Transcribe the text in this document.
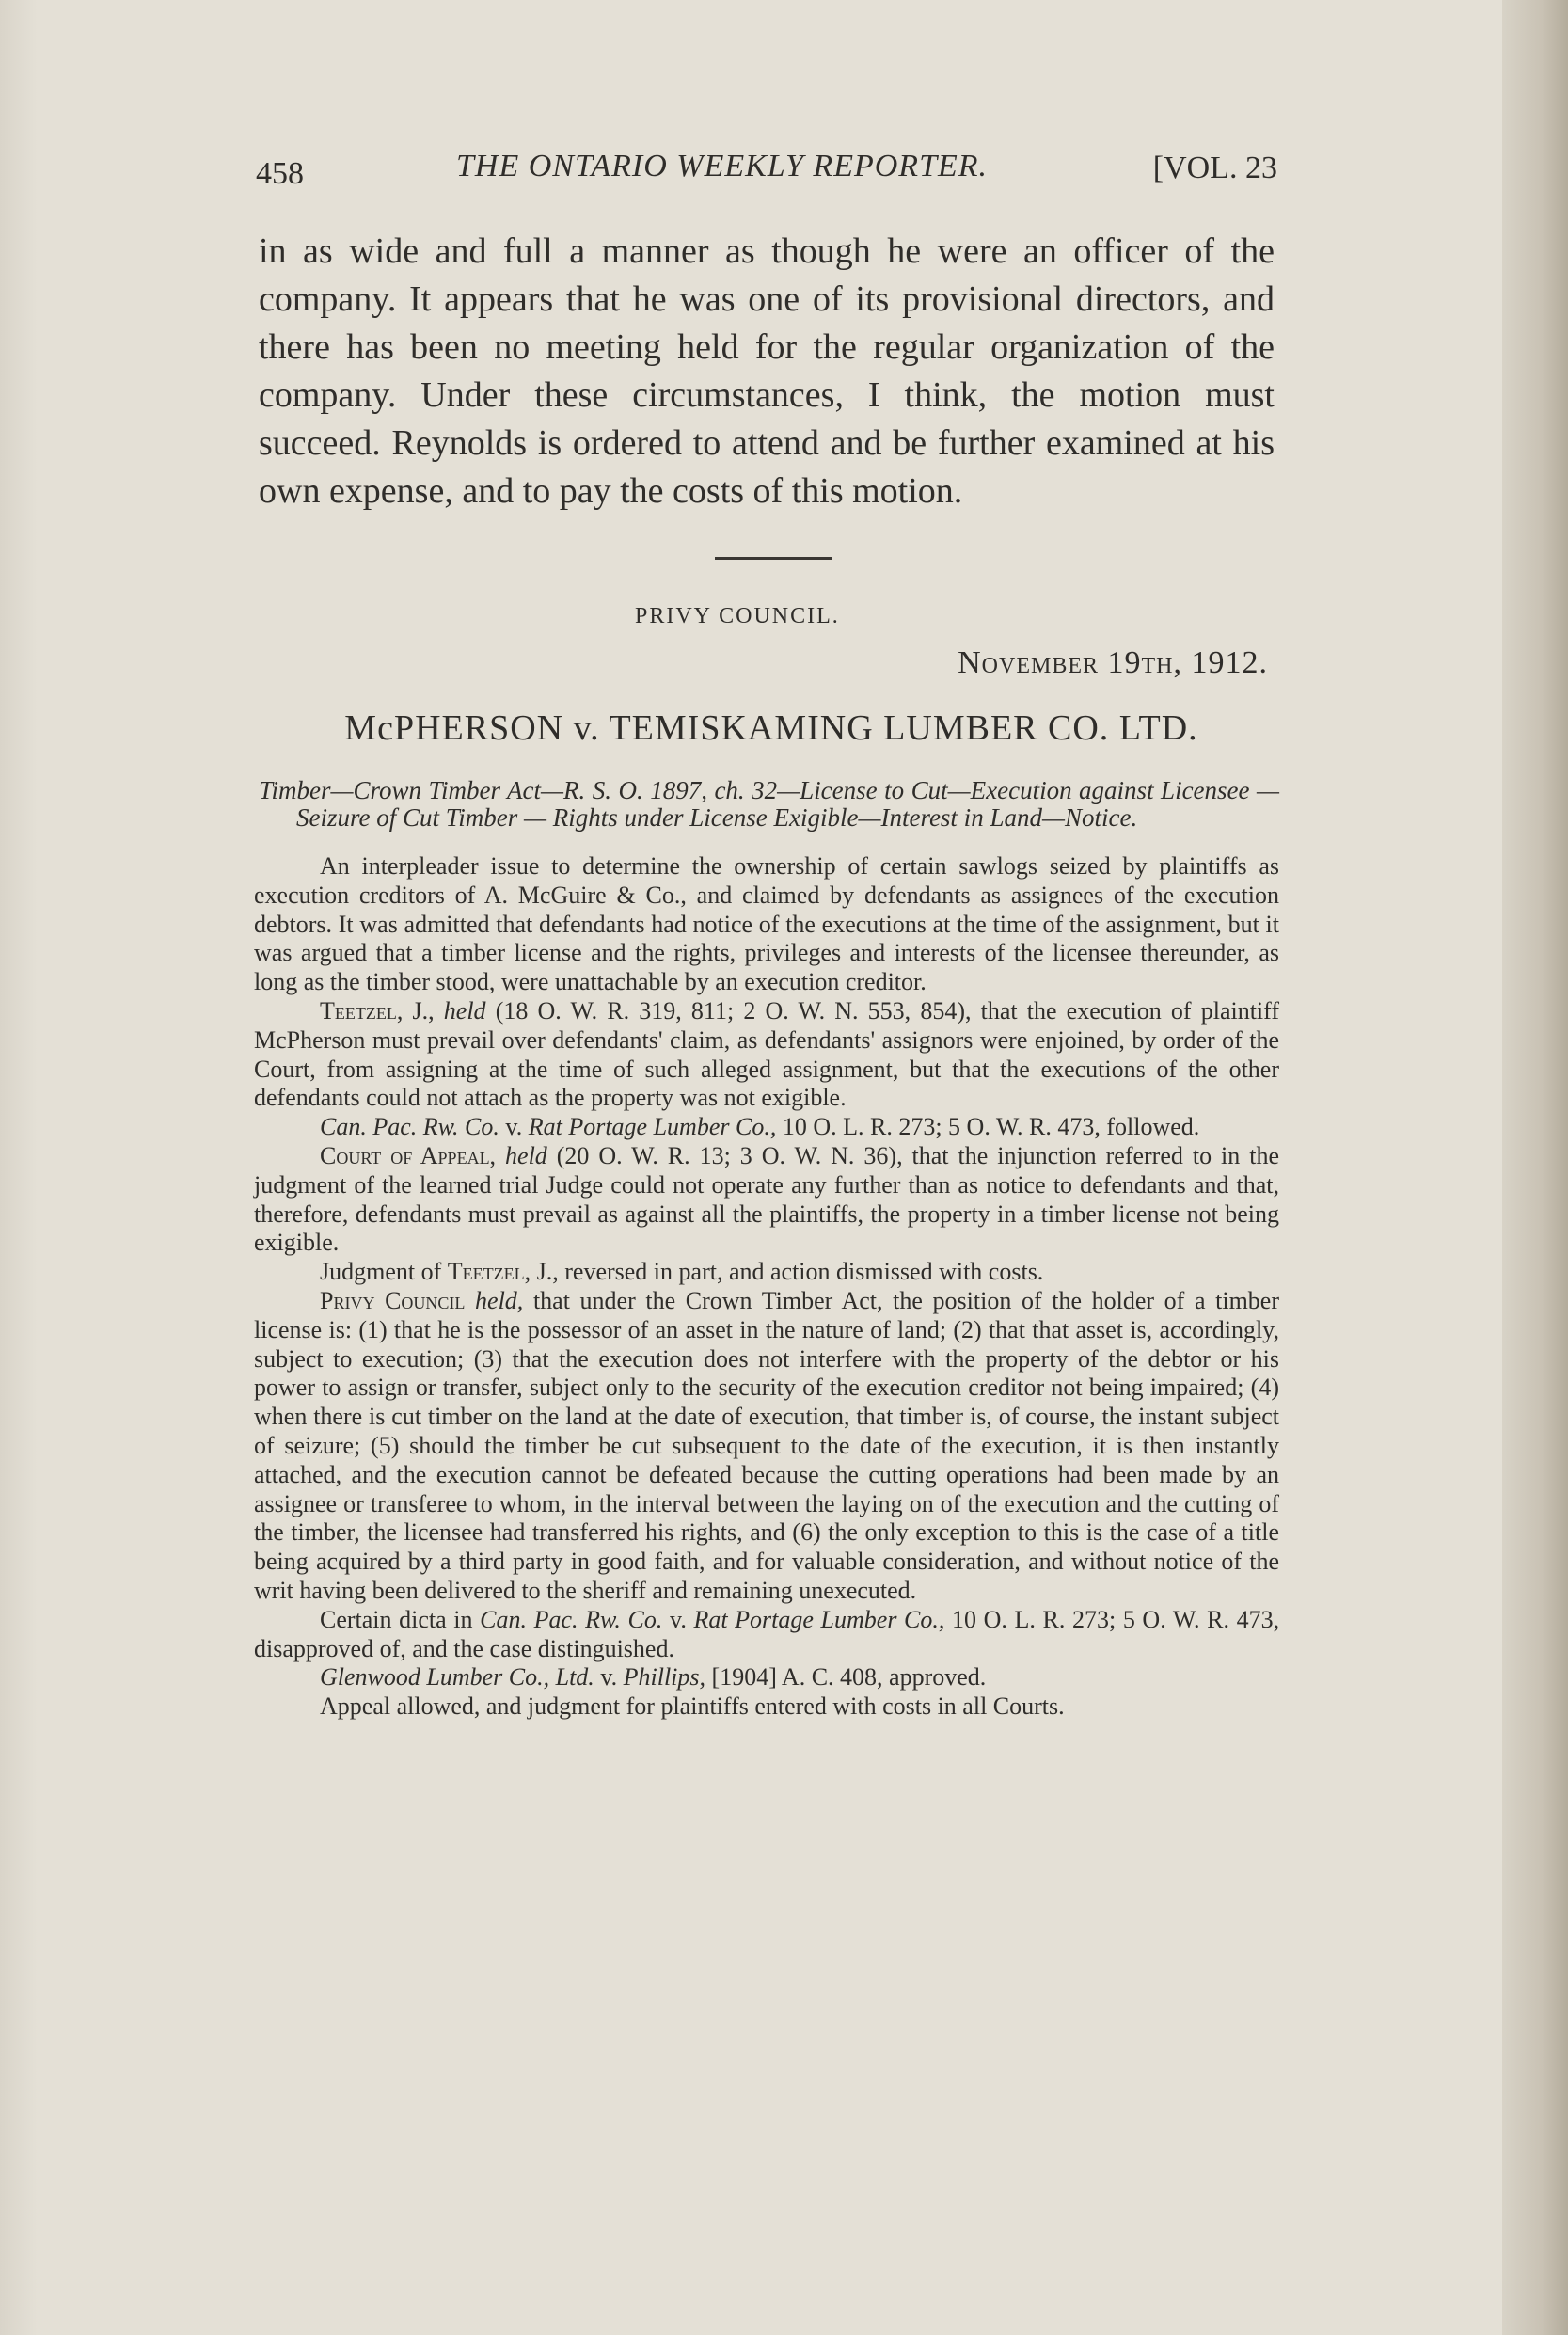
458	THE ONTARIO WEEKLY REPORTER.	[VOL. 23
in as wide and full a manner as though he were an officer of the company. It appears that he was one of its provisional directors, and there has been no meeting held for the regular organization of the company. Under these circumstances, I think, the motion must succeed. Reynolds is ordered to attend and be further examined at his own expense, and to pay the costs of this motion.
PRIVY COUNCIL.
November 19th, 1912.
McPHERSON v. TEMISKAMING LUMBER CO. LTD.
Timber—Crown Timber Act—R. S. O. 1897, ch. 32—License to Cut—Execution against Licensee — Seizure of Cut Timber — Rights under License Exigible—Interest in Land—Notice.

An interpleader issue to determine the ownership of certain sawlogs seized by plaintiffs as execution creditors of A. McGuire & Co., and claimed by defendants as assignees of the execution debtors. It was admitted that defendants had notice of the executions at the time of the assignment, but it was argued that a timber license and the rights, privileges and interests of the licensee thereunder, as long as the timber stood, were unattachable by an execution creditor.

Teetzel, J., held (18 O. W. R. 319, 811; 2 O. W. N. 553, 854), that the execution of plaintiff McPherson must prevail over defendants' claim, as defendants' assignors were enjoined, by order of the Court, from assigning at the time of such alleged assignment, but that the executions of the other defendants could not attach as the property was not exigible.

Can. Pac. Rw. Co. v. Rat Portage Lumber Co., 10 O. L. R. 273; 5 O. W. R. 473, followed.

Court of Appeal, held (20 O. W. R. 13; 3 O. W. N. 36), that the injunction referred to in the judgment of the learned trial Judge could not operate any further than as notice to defendants and that, therefore, defendants must prevail as against all the plaintiffs, the property in a timber license not being exigible.

Judgment of Teetzel, J., reversed in part, and action dismissed with costs.

Privy Council held, that under the Crown Timber Act, the position of the holder of a timber license is: (1) that he is the possessor of an asset in the nature of land; (2) that that asset is, accordingly, subject to execution; (3) that the execution does not interfere with the property of the debtor or his power to assign or transfer, subject only to the security of the execution creditor not being impaired; (4) when there is cut timber on the land at the date of execution, that timber is, of course, the instant subject of seizure; (5) should the timber be cut subsequent to the date of the execution, it is then instantly attached, and the execution cannot be defeated because the cutting operations had been made by an assignee or transferee to whom, in the interval between the laying on of the execution and the cutting of the timber, the licensee had transferred his rights, and (6) the only exception to this is the case of a title being acquired by a third party in good faith, and for valuable consideration, and without notice of the writ having been delivered to the sheriff and remaining unexecuted.

Certain dicta in Can. Pac. Rw. Co. v. Rat Portage Lumber Co., 10 O. L. R. 273; 5 O. W. R. 473, disapproved of, and the case distinguished.

Glenwood Lumber Co., Ltd. v. Phillips, [1904] A. C. 408, approved.

Appeal allowed, and judgment for plaintiffs entered with costs in all Courts.
